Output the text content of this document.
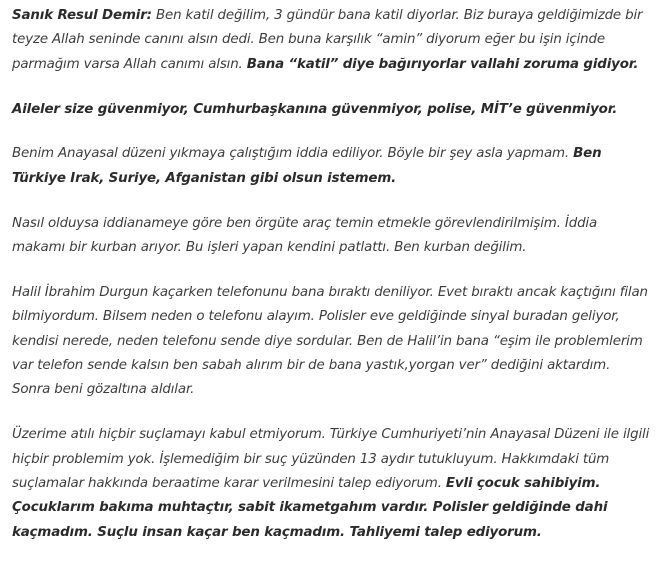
Sanık Resul Demir: Ben katil değilim, 3 gündür bana katil diyorlar. Biz buraya geldiğimizde bir teyze Allah seninde canını alsın dedi. Ben buna karşılık “amin” diyorum eğer bu işin içinde parmağım varsa Allah canımı alsın. Bana “katil” diye bağırıyorlar vallahi zoruma gidiyor.

Aileler size güvenmiyor, Cumhurbaşkanına güvenmiyor, polise, MİT’e güvenmiyor.

Benim Anayasal düzeni yıkmaya çalıştığım iddia ediliyor. Böyle bir şey asla yapmam. Ben Türkiye Irak, Suriye, Afganistan gibi olsun istemem.

Nasıl olduysa iddianameye göre ben örgüte araç temin etmekle görevlendirilmişim. İddia makamı bir kurban arıyor. Bu işleri yapan kendini patlattı. Ben kurban değilim.

Halil İbrahim Durgun kaçarken telefonunu bana bıraktı deniliyor. Evet bıraktı ancak kaçtığını filan bilmiyordum. Bilsem neden o telefonu alayım. Polisler eve geldiğinde sinyal buradan geliyor, kendisi nerede, neden telefonu sende diye sordular. Ben de Halil’in bana “eşim ile problemlerim var telefon sende kalsın ben sabah alırım bir de bana yastık,yorgan ver” dediğini aktardım. Sonra beni gözaltına aldılar.

Üzerime atılı hiçbir suçlamayı kabul etmiyorum. Türkiye Cumhuriyeti’nin Anayasal Düzeni ile ilgili hiçbir problemim yok. İşlemediğim bir suç yüzünden 13 aydır tutukluyum. Hakkımdaki tüm suçlamalar hakkında beraatime karar verilmesini talep ediyorum. Evli çocuk sahibiyim. Çocuklarım bakıma muhtaçtır, sabit ikametgahım vardır. Polisler geldiğinde dahi kaçmadım. Suçlu insan kaçar ben kaçmadım. Tahliyemi talep ediyorum.
